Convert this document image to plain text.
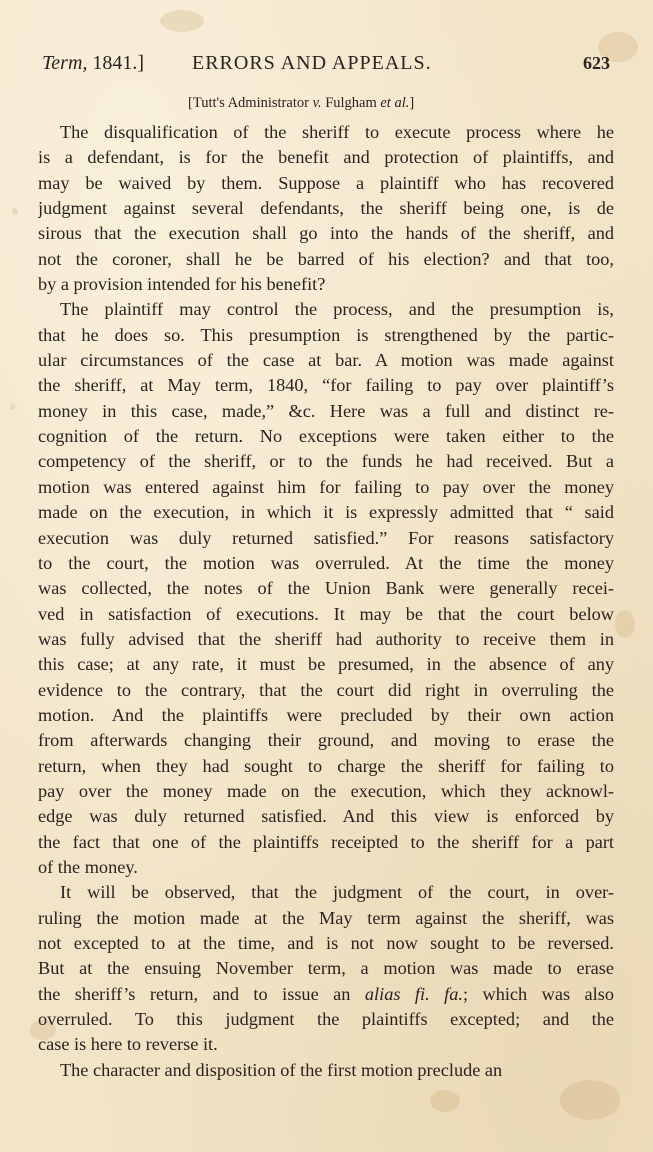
Term, 1841.] ERRORS AND APPEALS.	623
[Tutt's Administrator v. Fulgham et al.]
The disqualification of the sheriff to execute process where he
is a defendant, is for the benefit and protection of plaintiffs, and
may be waived by them. Suppose a plaintiff who has recovered
judgment against several defendants, the sheriff being one, is de
sirous that the execution shall go into the hands of the sheriff, and
not the coroner, shall he be barred of his election? and that too,
by a provision intended for his benefit?
The plaintiff may control the process, and the presumption is,
that he does so. This presumption is strengthened by the partic-
ular circumstances of the case at bar. A motion was made against
the sheriff, at May term, 1840, “for failing to pay over plaintiff’s
money in this case, made,” &c. Here was a full and distinct re-
cognition of the return. No exceptions were taken either to the
competency of the sheriff, or to the funds he had received. But a
motion was entered against him for failing to pay over the money
made on the execution, in which it is expressly admitted that “ said
execution was duly returned satisfied.” For reasons satisfactory
to the court, the motion was overruled. At the time the money
was collected, the notes of the Union Bank were generally recei-
ved in satisfaction of executions. It may be that the court below
was fully advised that the sheriff had authority to receive them in
this case; at any rate, it must be presumed, in the absence of any
evidence to the contrary, that the court did right in overruling the
motion. And the plaintiffs were precluded by their own action
from afterwards changing their ground, and moving to erase the
return, when they had sought to charge the sheriff for failing to
pay over the money made on the execution, which they acknowl-
edge was duly returned satisfied. And this view is enforced by
the fact that one of the plaintiffs receipted to the sheriff for a part
of the money.
It will be observed, that the judgment of the court, in over-
ruling the motion made at the May term against the sheriff, was
not excepted to at the time, and is not now sought to be reversed.
But at the ensuing November term, a motion was made to erase
the sheriff’s return, and to issue an alias fi. fa.; which was also
overruled. To this judgment the plaintiffs excepted; and the
case is here to reverse it.
The character and disposition of the first motion preclude an
